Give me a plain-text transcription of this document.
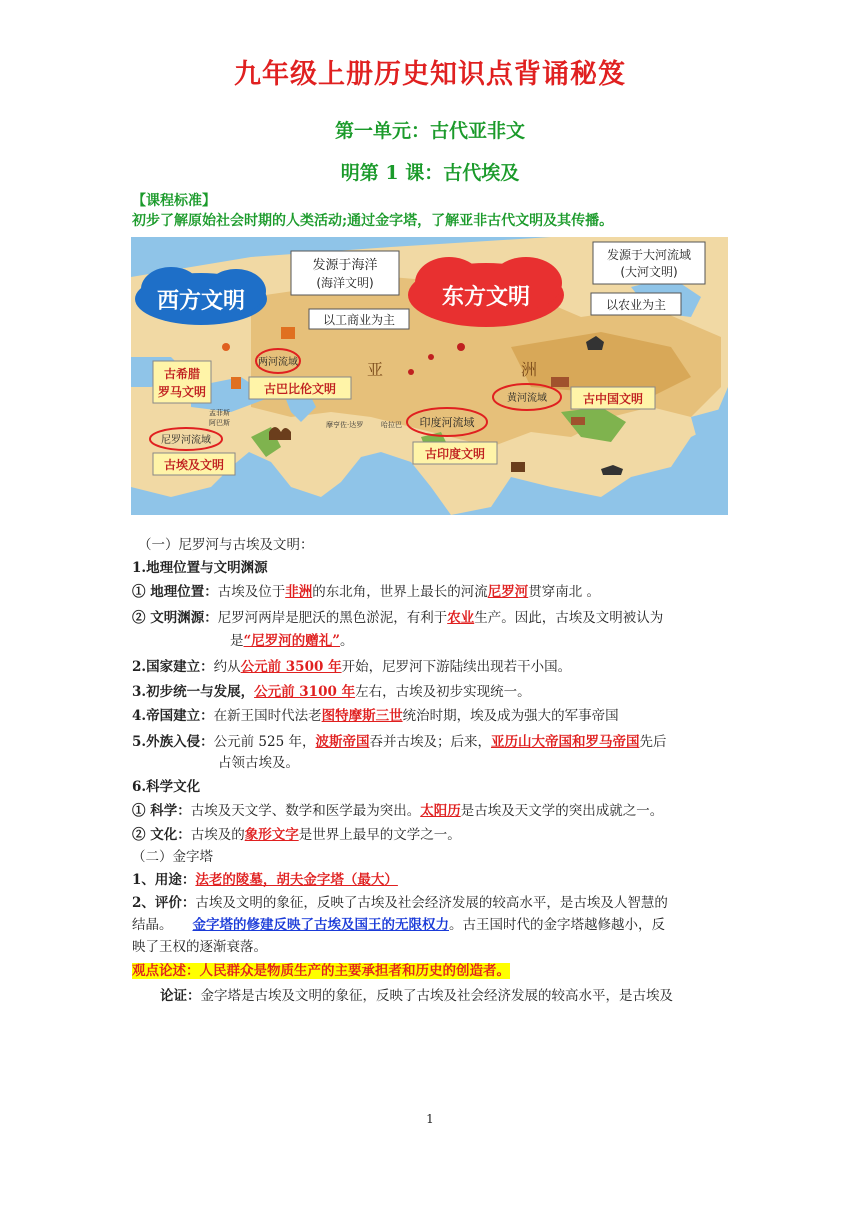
九年级上册历史知识点背诵秘笈
第一单元：古代亚非文
明第 1 课：古代埃及
【课程标准】
初步了解原始社会时期的人类活动;通过金字塔，了解亚非古代文明及其传播。
西方文明	东方文明
发源于海洋
(海洋文明)
以工商业为主
发源于大河流域
(大河文明)
以农业为主
古希腊
罗马文明
两河流域
古巴比伦文明
尼罗河流域
古埃及文明
印度河流域
古印度文明
黄河流域	古中国文明
亚	洲
孟菲斯
阿巴斯	摩亨佐·达罗	哈拉巴
（一）尼罗河与古埃及文明：
1.地理位置与文明渊源
① 地理位置：古埃及位于非洲的东北角，世界上最长的河流尼罗河贯穿南北 。
② 文明渊源：尼罗河两岸是肥沃的黑色淤泥，有利于农业生产。因此，古埃及文明被认为
是“尼罗河的赠礼”。
2.国家建立：约从公元前 3500 年开始，尼罗河下游陆续出现若干小国。
3.初步统一与发展，公元前 3100 年左右，古埃及初步实现统一。
4.帝国建立：在新王国时代法老图特摩斯三世统治时期，埃及成为强大的军事帝国
5.外族入侵：公元前 525 年，波斯帝国吞并古埃及；后来，亚历山大帝国和罗马帝国先后
占领古埃及。
6.科学文化
① 科学：古埃及天文学、数学和医学最为突出。太阳历是古埃及天文学的突出成就之一。
② 文化：古埃及的象形文字是世界上最早的文学之一。
（二）金字塔
1、用途：法老的陵墓，胡夫金字塔（最大）
2、评价：古埃及文明的象征，反映了古埃及社会经济发展的较高水平，是古埃及人智慧的
结晶。 金字塔的修建反映了古埃及国王的无限权力。古王国时代的金字塔越修越小，反
映了王权的逐渐衰落。
观点论述：人民群众是物质生产的主要承担者和历史的创造者。
论证：金字塔是古埃及文明的象征，反映了古埃及社会经济发展的较高水平，是古埃及
1
